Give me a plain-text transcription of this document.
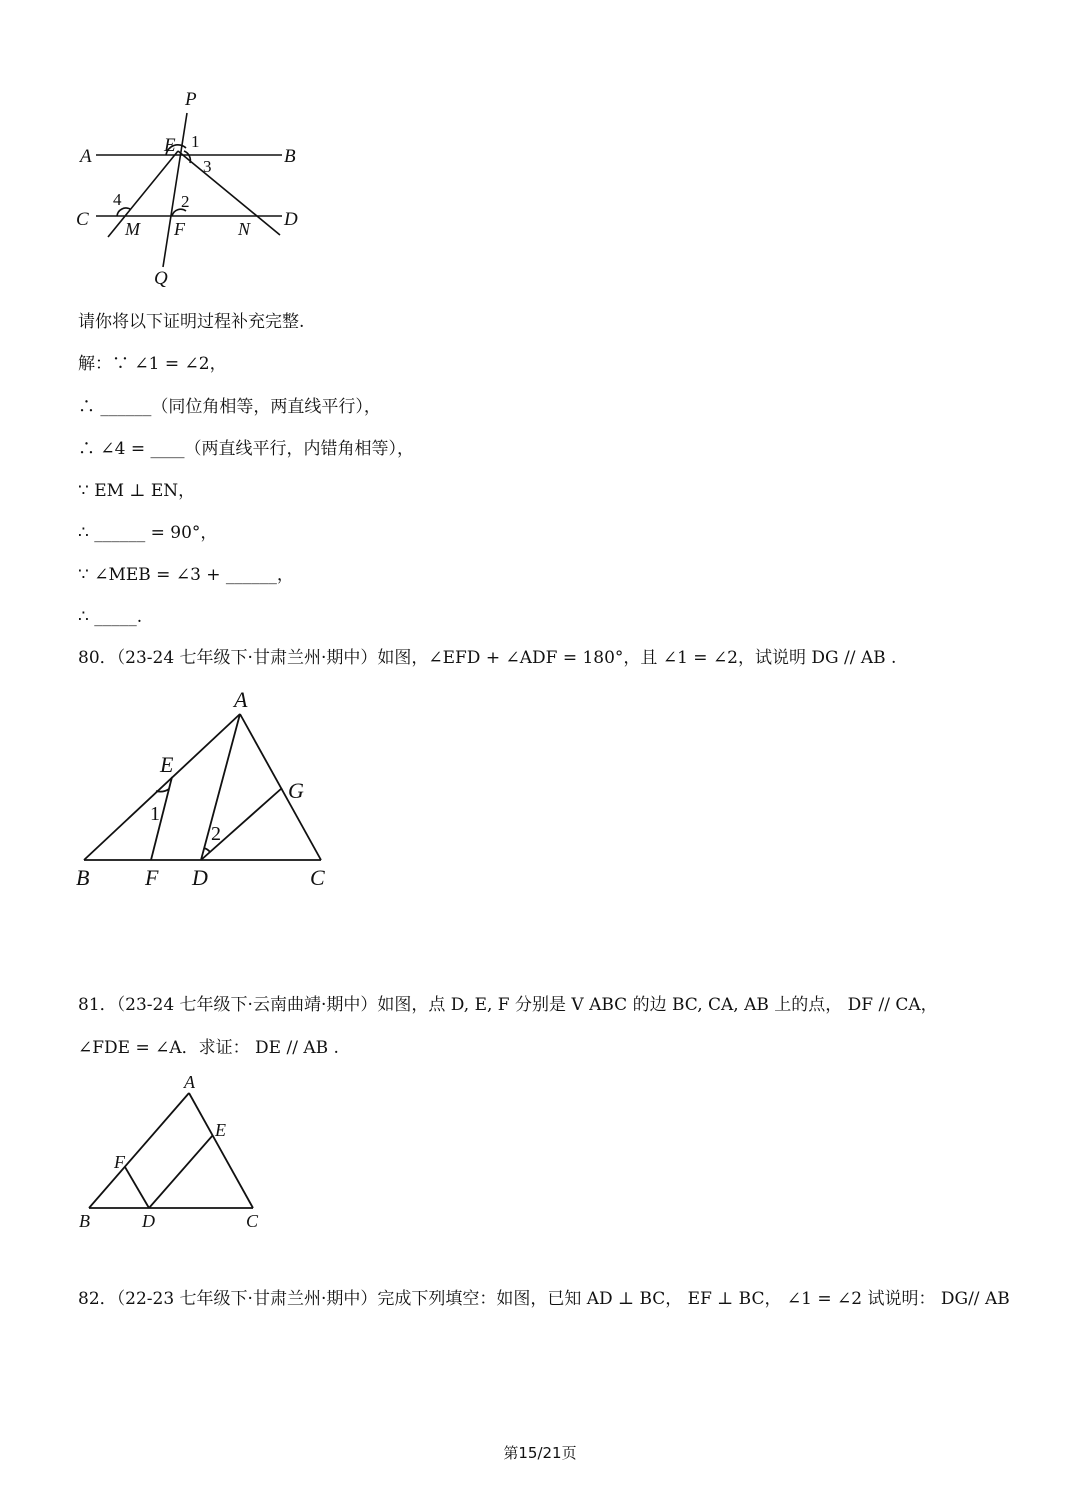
P
A
E 1
B
3
4	2
C	D
M F	N
Q
请你将以下证明过程补充完整.
解：∵ ∠1 = ∠2，
∴ ______（同位角相等，两直线平行），
∴ ∠4 = ____（两直线平行，内错角相等），
∵ EM ⊥ EN，
∴ ______ = 90°，
∵ ∠MEB = ∠3 + ______，
∴ _____.
80．（23-24 七年级下·甘肃兰州·期中）如图，∠EFD + ∠ADF = 180°，且 ∠1 = ∠2，试说明 DG // AB .
A
E
G
1
2
B	F D	C
81．（23-24 七年级下·云南曲靖·期中）如图，点 D, E, F 分别是 V ABC 的边 BC, CA, AB 上的点， DF // CA，
∠FDE = ∠A．求证： DE // AB .
A
E
F
B	D	C
82．（22-23 七年级下·甘肃兰州·期中）完成下列填空：如图，已知 AD ⊥ BC， EF ⊥ BC， ∠1 = ∠2 试说明： DG// AB
第15/21页
